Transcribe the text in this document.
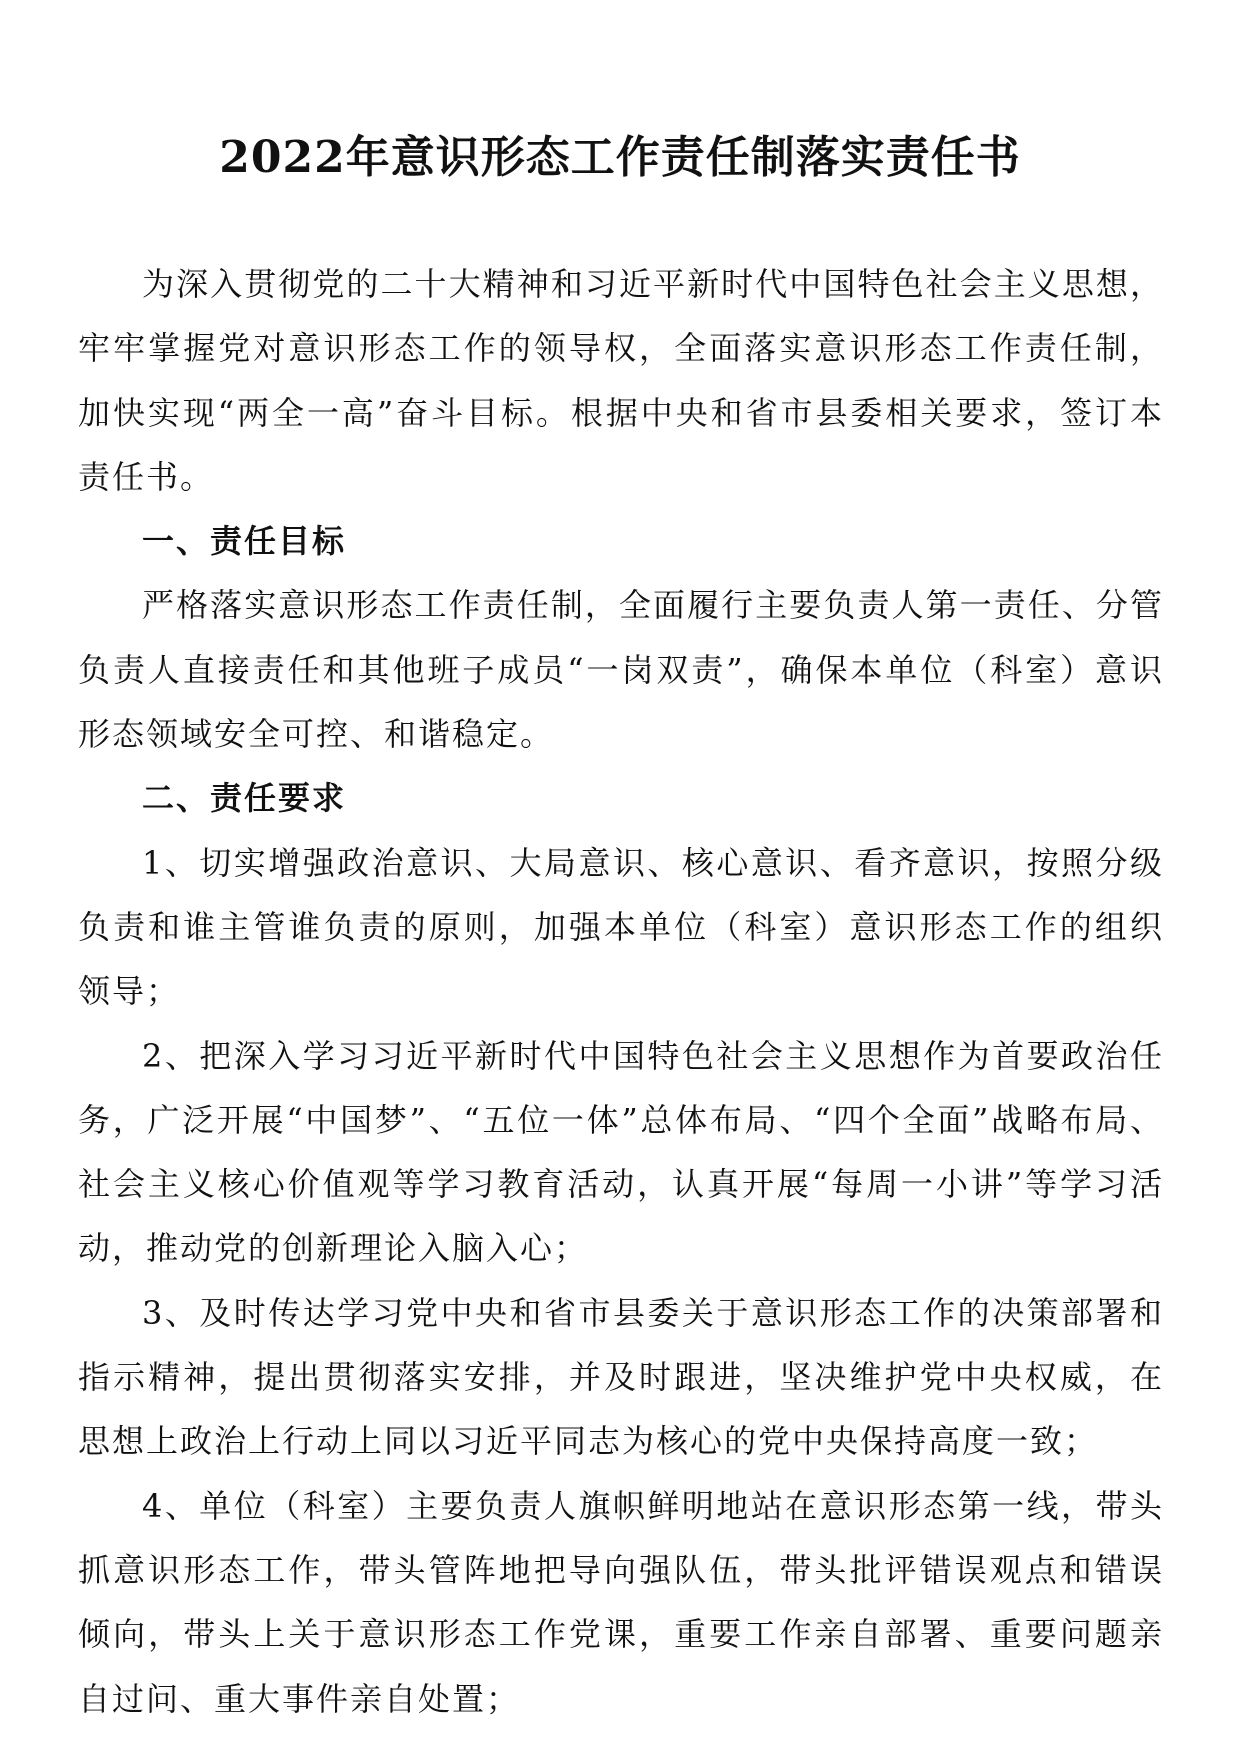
2022年意识形态工作责任制落实责任书

为深入贯彻党的二十大精神和习近平新时代中国特色社会主义思想，牢牢掌握党对意识形态工作的领导权，全面落实意识形态工作责任制，加快实现“两全一高”奋斗目标。根据中央和省市县委相关要求，签订本责任书。

一、责任目标

严格落实意识形态工作责任制，全面履行主要负责人第一责任、分管负责人直接责任和其他班子成员“一岗双责”，确保本单位（科室）意识形态领域安全可控、和谐稳定。

二、责任要求

1、切实增强政治意识、大局意识、核心意识、看齐意识，按照分级负责和谁主管谁负责的原则，加强本单位（科室）意识形态工作的组织领导；

2、把深入学习习近平新时代中国特色社会主义思想作为首要政治任务，广泛开展“中国梦”、“五位一体”总体布局、“四个全面”战略布局、社会主义核心价值观等学习教育活动，认真开展“每周一小讲”等学习活动，推动党的创新理论入脑入心；

3、及时传达学习党中央和省市县委关于意识形态工作的决策部署和指示精神，提出贯彻落实安排，并及时跟进，坚决维护党中央权威，在思想上政治上行动上同以习近平同志为核心的党中央保持高度一致；

4、单位（科室）主要负责人旗帜鲜明地站在意识形态第一线，带头抓意识形态工作，带头管阵地把导向强队伍，带头批评错误观点和错误倾向，带头上关于意识形态工作党课，重要工作亲自部署、重要问题亲自过问、重大事件亲自处置；
